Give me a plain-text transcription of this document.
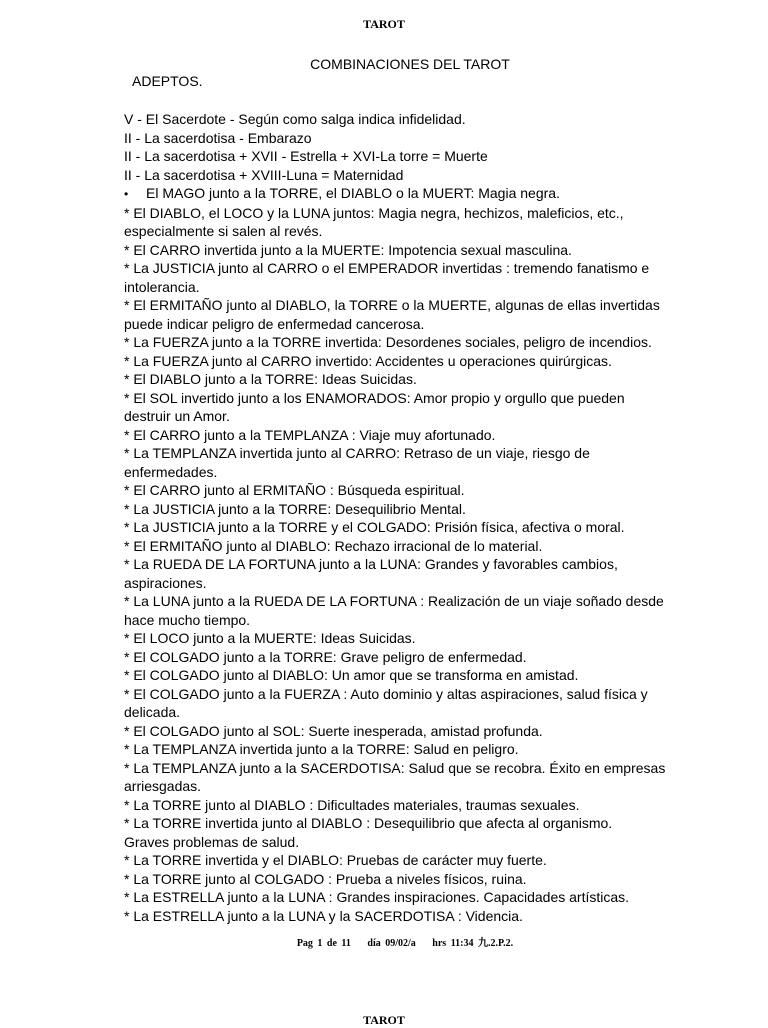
TAROT
COMBINACIONES DEL TAROT
ADEPTOS.
V - El Sacerdote - Según como salga indica infidelidad.
II - La sacerdotisa - Embarazo
II - La sacerdotisa + XVII - Estrella + XVI-La torre = Muerte
II - La sacerdotisa + XVIII-Luna = Maternidad
•	El MAGO junto a la TORRE, el DIABLO o la MUERT: Magia negra.
* El DIABLO, el LOCO y la LUNA juntos: Magia negra, hechizos, maleficios, etc.,
especialmente si salen al revés.
* El CARRO invertida junto a la MUERTE: Impotencia sexual masculina.
* La JUSTICIA junto al CARRO o el EMPERADOR invertidas : tremendo fanatismo e
intolerancia.
* El ERMITAÑO junto al DIABLO, la TORRE o la MUERTE, algunas de ellas invertidas
puede indicar peligro de enfermedad cancerosa.
* La FUERZA junto a la TORRE invertida: Desordenes sociales, peligro de incendios.
* La FUERZA junto al CARRO invertido: Accidentes u operaciones quirúrgicas.
* El DIABLO junto a la TORRE: Ideas Suicidas.
* El SOL invertido junto a los ENAMORADOS: Amor propio y orgullo que pueden
destruir un Amor.
* El CARRO junto a la TEMPLANZA : Viaje muy afortunado.
* La TEMPLANZA invertida junto al CARRO: Retraso de un viaje, riesgo de
enfermedades.
* El CARRO junto al ERMITAÑO : Búsqueda espiritual.
* La JUSTICIA junto a la TORRE: Desequilibrio Mental.
* La JUSTICIA junto a la TORRE y el COLGADO: Prisión física, afectiva o moral.
* El ERMITAÑO junto al DIABLO: Rechazo irracional de lo material.
* La RUEDA DE LA FORTUNA junto a la LUNA: Grandes y favorables cambios,
aspiraciones.
* La LUNA junto a la RUEDA DE LA FORTUNA : Realización de un viaje soñado desde
hace mucho tiempo.
* El LOCO junto a la MUERTE: Ideas Suicidas.
* El COLGADO junto a la TORRE: Grave peligro de enfermedad.
* El COLGADO junto al DIABLO: Un amor que se transforma en amistad.
* El COLGADO junto a la FUERZA : Auto dominio y altas aspiraciones, salud física y
delicada.
* El COLGADO junto al SOL: Suerte inesperada, amistad profunda.
* La TEMPLANZA invertida junto a la TORRE: Salud en peligro.
* La TEMPLANZA junto a la SACERDOTISA: Salud que se recobra. Éxito en empresas
arriesgadas.
* La TORRE junto al DIABLO : Dificultades materiales, traumas sexuales.
* La TORRE invertida junto al DIABLO : Desequilibrio que afecta al organismo.
Graves problemas de salud.
* La TORRE invertida y el DIABLO: Pruebas de carácter muy fuerte.
* La TORRE junto al COLGADO : Prueba a niveles físicos, ruina.
* La ESTRELLA junto a la LUNA : Grandes inspiraciones. Capacidades artísticas.
* La ESTRELLA junto a la LUNA y la SACERDOTISA : Videncia.
Pag 1 de 11 día 09/02/a hrs 11:34 九.2.P.2.
TAROT
